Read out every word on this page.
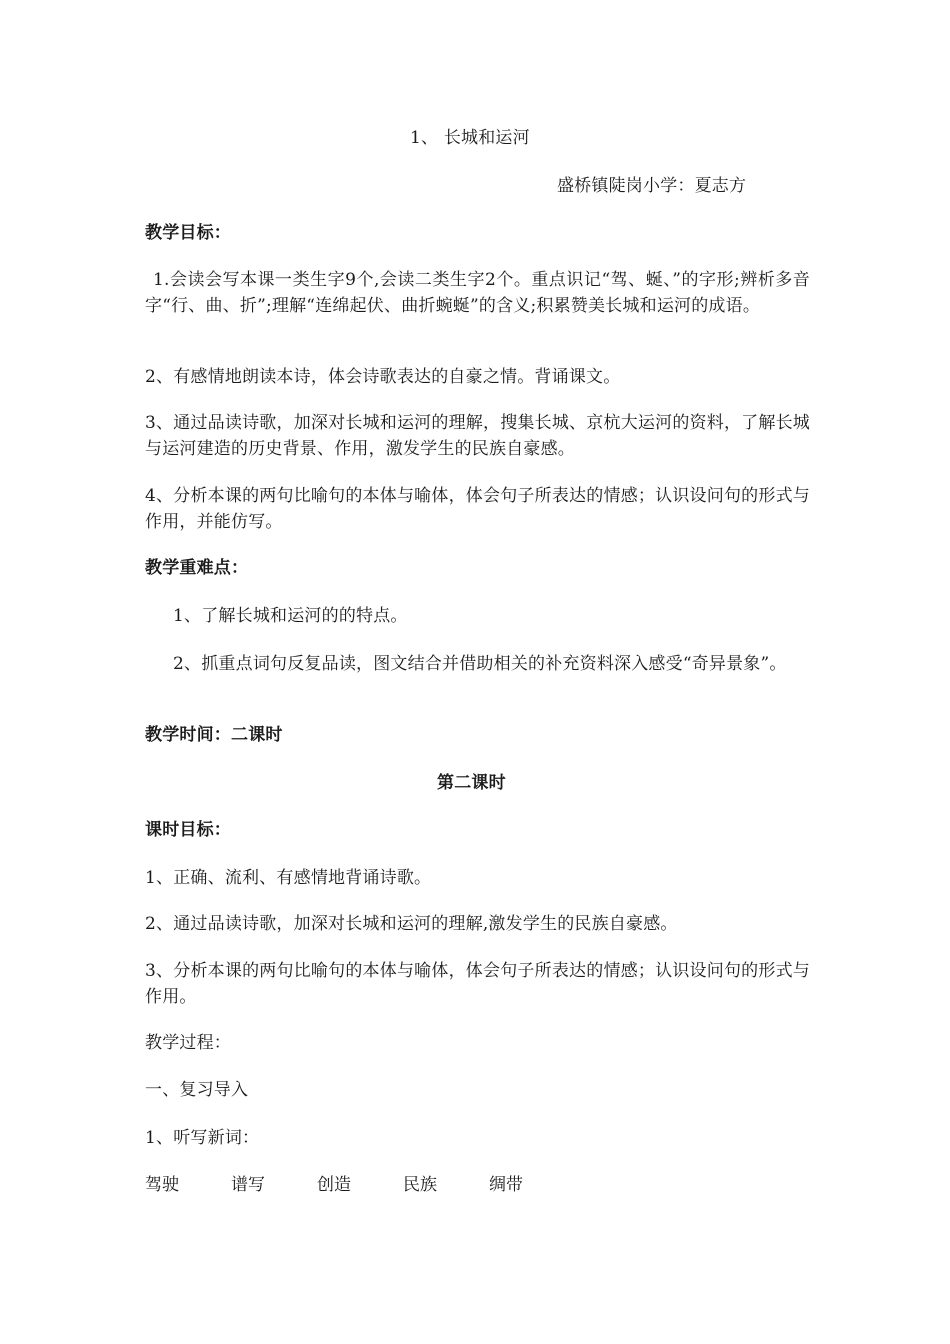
1、 长城和运河
盛桥镇陡岗小学：夏志方
教学目标：
1.会读会写本课一类生字9个,会读二类生字2个。重点识记“驾、蜒、”的字形;辨析多音字“行、曲、折”;理解“连绵起伏、曲折蜿蜒”的含义;积累赞美长城和运河的成语。
2、有感情地朗读本诗，体会诗歌表达的自豪之情。背诵课文。
3、通过品读诗歌，加深对长城和运河的理解，搜集长城、京杭大运河的资料，了解长城与运河建造的历史背景、作用，激发学生的民族自豪感。
4、分析本课的两句比喻句的本体与喻体，体会句子所表达的情感；认识设问句的形式与作用，并能仿写。
教学重难点：
1、了解长城和运河的的特点。
2、抓重点词句反复品读，图文结合并借助相关的补充资料深入感受“奇异景象”。
教学时间：二课时
第二课时
课时目标：
1、正确、流利、有感情地背诵诗歌。
2、通过品读诗歌，加深对长城和运河的理解,激发学生的民族自豪感。
3、分析本课的两句比喻句的本体与喻体，体会句子所表达的情感；认识设问句的形式与作用。
教学过程：
一、复习导入
1、听写新词：
驾驶	谱写	创造	民族	绸带
